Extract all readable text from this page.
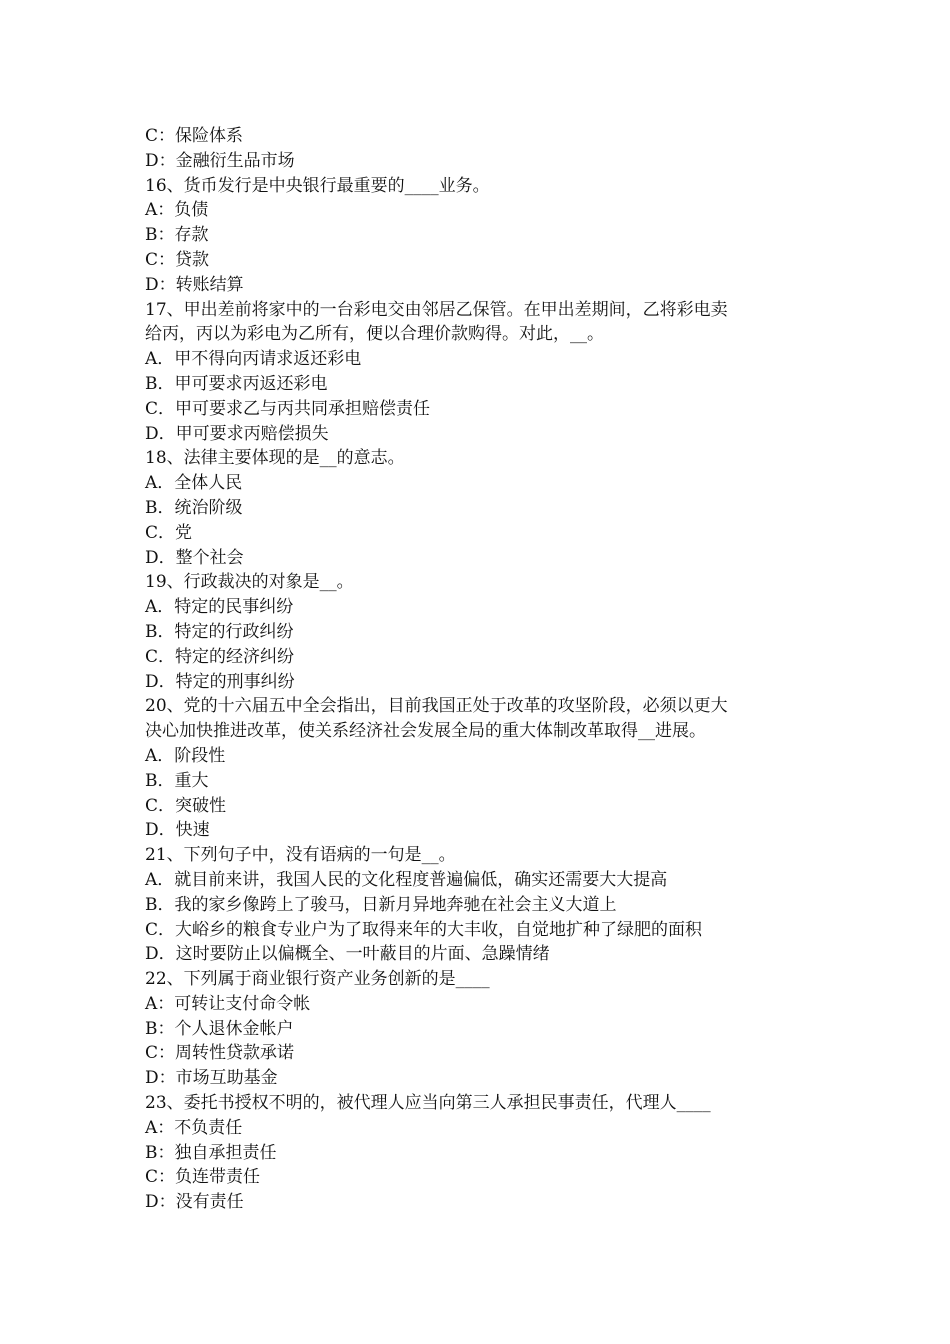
C：保险体系
D：金融衍生品市场
16、货币发行是中央银行最重要的____业务。
A：负债
B：存款
C：贷款
D：转账结算
17、甲出差前将家中的一台彩电交由邻居乙保管。在甲出差期间，乙将彩电卖
给丙，丙以为彩电为乙所有，便以合理价款购得。对此，__。
A．甲不得向丙请求返还彩电
B．甲可要求丙返还彩电
C．甲可要求乙与丙共同承担赔偿责任
D．甲可要求丙赔偿损失
18、法律主要体现的是__的意志。
A．全体人民
B．统治阶级
C．党
D．整个社会
19、行政裁决的对象是__。
A．特定的民事纠纷
B．特定的行政纠纷
C．特定的经济纠纷
D．特定的刑事纠纷
20、党的十六届五中全会指出，目前我国正处于改革的攻坚阶段，必须以更大
决心加快推进改革，使关系经济社会发展全局的重大体制改革取得__进展。
A．阶段性
B．重大
C．突破性
D．快速
21、下列句子中，没有语病的一句是__。
A．就目前来讲，我国人民的文化程度普遍偏低，确实还需要大大提高
B．我的家乡像跨上了骏马，日新月异地奔驰在社会主义大道上
C．大峪乡的粮食专业户为了取得来年的大丰收，自觉地扩种了绿肥的面积
D．这时要防止以偏概全、一叶蔽目的片面、急躁情绪
22、下列属于商业银行资产业务创新的是____
A：可转让支付命令帐
B：个人退休金帐户
C：周转性贷款承诺
D：市场互助基金
23、委托书授权不明的，被代理人应当向第三人承担民事责任，代理人____
A：不负责任
B：独自承担责任
C：负连带责任
D：没有责任
